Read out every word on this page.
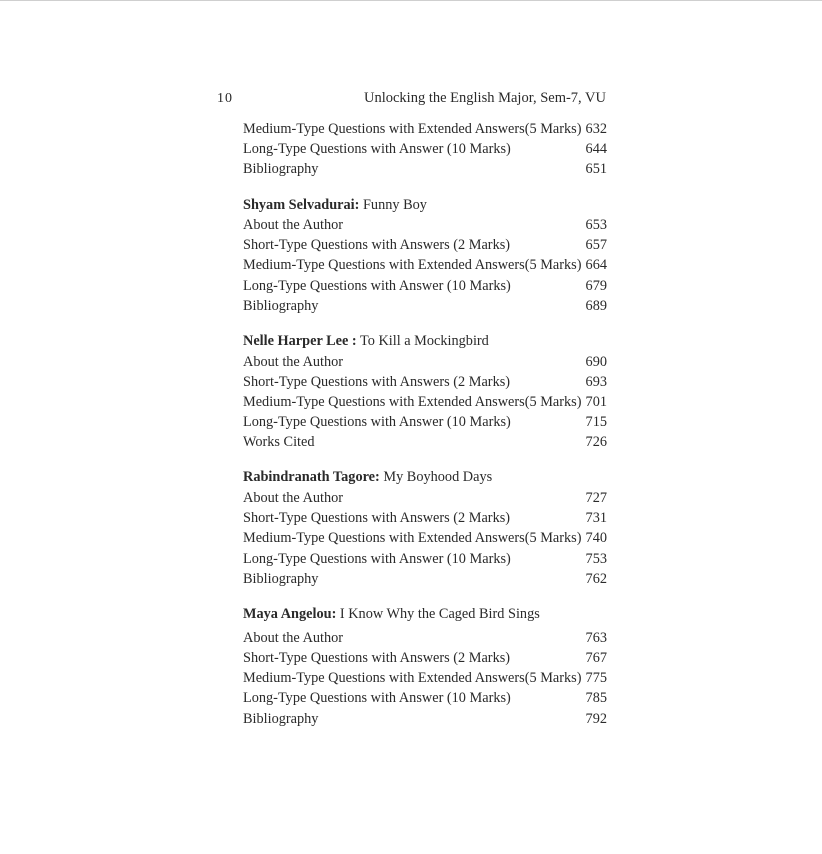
10	Unlocking the English Major, Sem-7, VU
Medium-Type Questions with Extended Answers(5 Marks) 632
Long-Type Questions with Answer (10 Marks)	644
Bibliography	651
Shyam Selvadurai: Funny Boy
About the Author	653
Short-Type Questions with Answers (2 Marks)	657
Medium-Type Questions with Extended Answers(5 Marks) 664
Long-Type Questions with Answer (10 Marks)	679
Bibliography	689
Nelle Harper Lee : To Kill a Mockingbird
About the Author	690
Short-Type Questions with Answers (2 Marks)	693
Medium-Type Questions with Extended Answers(5 Marks) 701
Long-Type Questions with Answer (10 Marks)	715
Works Cited	726
Rabindranath Tagore: My Boyhood Days
About the Author	727
Short-Type Questions with Answers (2 Marks)	731
Medium-Type Questions with Extended Answers(5 Marks) 740
Long-Type Questions with Answer (10 Marks)	753
Bibliography	762
Maya Angelou: I Know Why the Caged Bird Sings
About the Author	763
Short-Type Questions with Answers (2 Marks)	767
Medium-Type Questions with Extended Answers(5 Marks) 775
Long-Type Questions with Answer (10 Marks)	785
Bibliography	792
